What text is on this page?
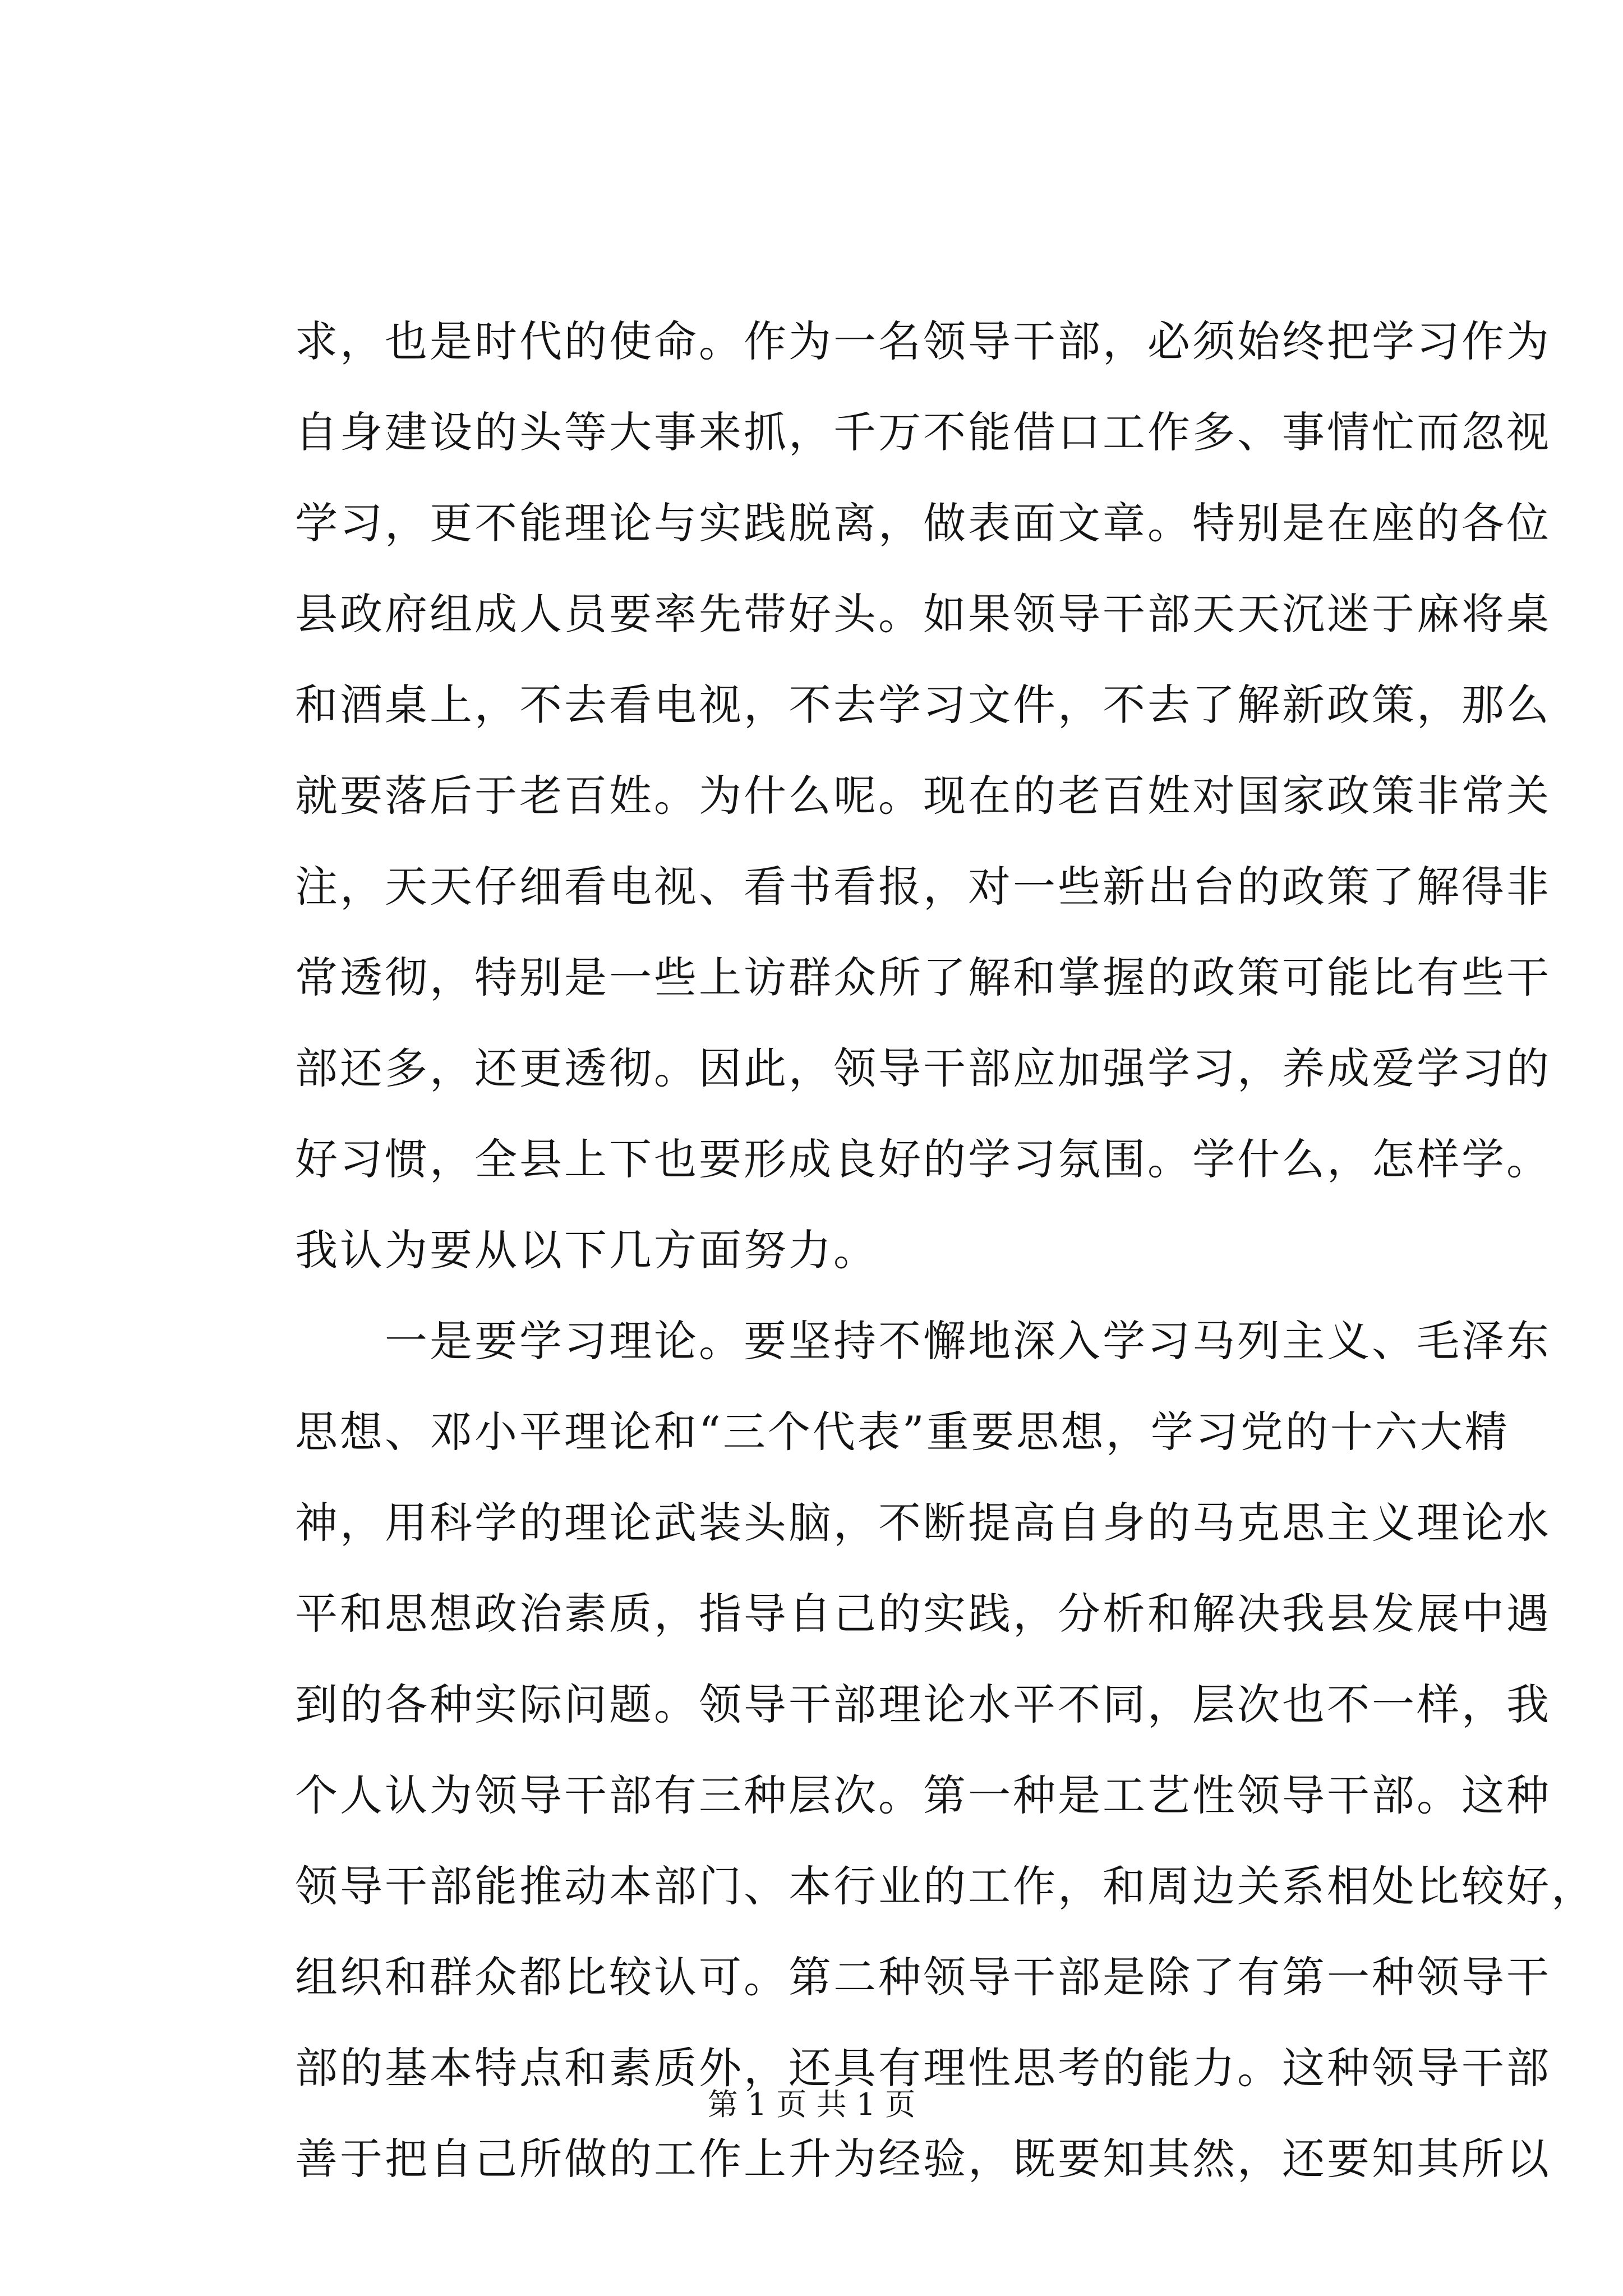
求，也是时代的使命。作为一名领导干部，必须始终把学习作为
自身建设的头等大事来抓，千万不能借口工作多、事情忙而忽视
学习，更不能理论与实践脱离，做表面文章。特别是在座的各位
县政府组成人员要率先带好头。如果领导干部天天沉迷于麻将桌
和酒桌上，不去看电视，不去学习文件，不去了解新政策，那么
就要落后于老百姓。为什么呢。现在的老百姓对国家政策非常关
注，天天仔细看电视、看书看报，对一些新出台的政策了解得非
常透彻，特别是一些上访群众所了解和掌握的政策可能比有些干
部还多，还更透彻。因此，领导干部应加强学习，养成爱学习的
好习惯，全县上下也要形成良好的学习氛围。学什么，怎样学。
我认为要从以下几方面努力。
　　一是要学习理论。要坚持不懈地深入学习马列主义、毛泽东
思想、邓小平理论和“三个代表”重要思想，学习党的十六大精
神，用科学的理论武装头脑，不断提高自身的马克思主义理论水
平和思想政治素质，指导自己的实践，分析和解决我县发展中遇
到的各种实际问题。领导干部理论水平不同，层次也不一样，我
个人认为领导干部有三种层次。第一种是工艺性领导干部。这种
领导干部能推动本部门、本行业的工作，和周边关系相处比较好，
组织和群众都比较认可。第二种领导干部是除了有第一种领导干
部的基本特点和素质外，还具有理性思考的能力。这种领导干部
善于把自己所做的工作上升为经验，既要知其然，还要知其所以
第 1 页 共 1 页
